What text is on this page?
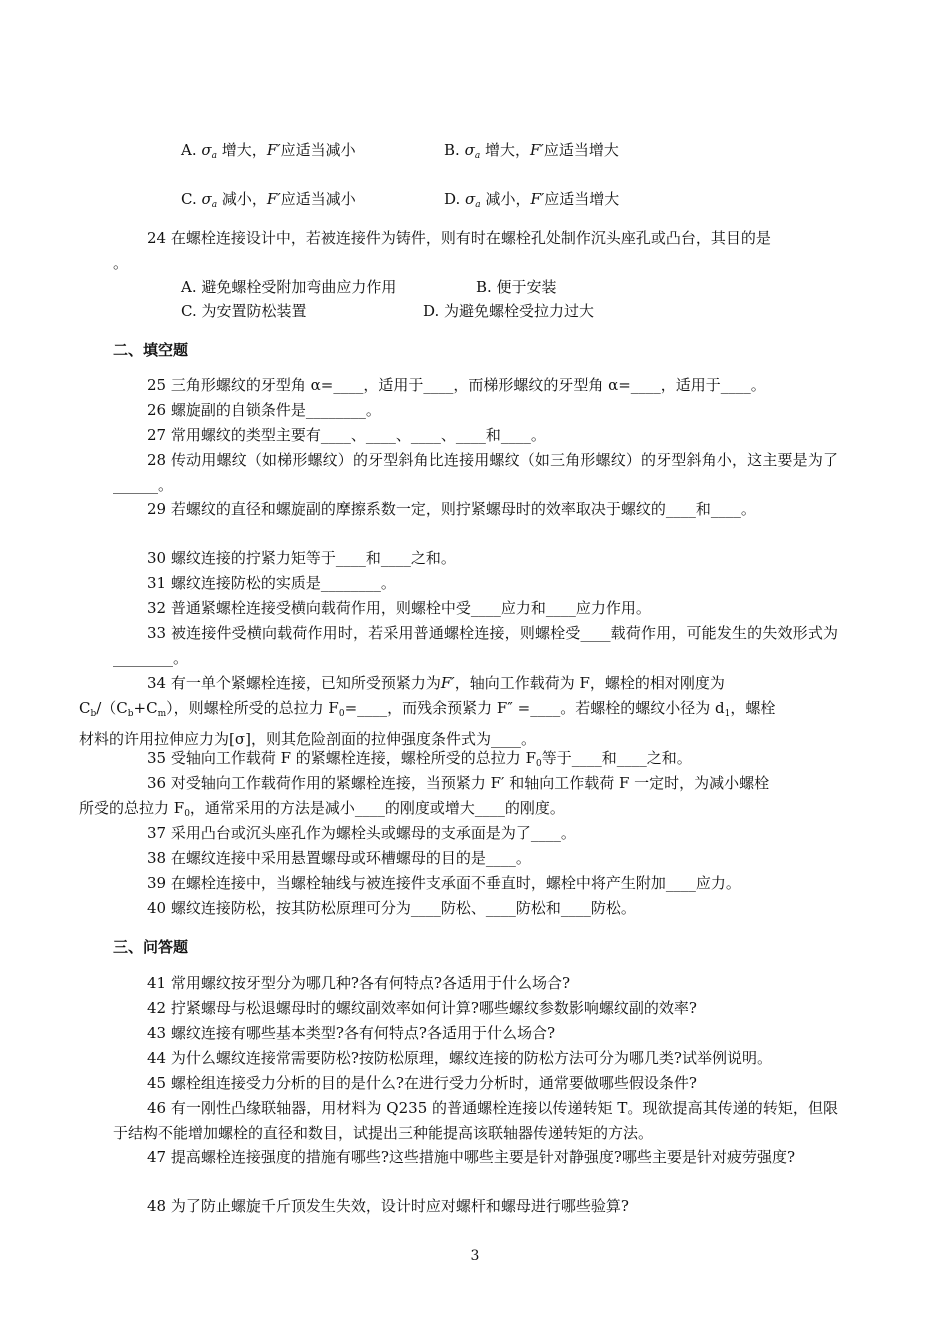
A. $\sigma_a$ 增大，F′应适当减小	B. $\sigma_a$ 增大，F′应适当增大
C. $\sigma_a$ 减小，F′应适当减小	D. $\sigma_a$ 减小，F′应适当增大
24 在螺栓连接设计中，若被连接件为铸件，则有时在螺栓孔处制作沉头座孔或凸台，其目的是
。
A. 避免螺栓受附加弯曲应力作用	B. 便于安装
C. 为安置防松装置	D. 为避免螺栓受拉力过大
二、填空题
25 三角形螺纹的牙型角 α=____，适用于____，而梯形螺纹的牙型角 α=____，适用于____。
26 螺旋副的自锁条件是________。
27 常用螺纹的类型主要有____、____、____、____和____。
28 传动用螺纹（如梯形螺纹）的牙型斜角比连接用螺纹（如三角形螺纹）的牙型斜角小，这主要是为了______。
29 若螺纹的直径和螺旋副的摩擦系数一定，则拧紧螺母时的效率取决于螺纹的____和____。
30 螺纹连接的拧紧力矩等于____和____之和。
31 螺纹连接防松的实质是________。
32 普通紧螺栓连接受横向载荷作用，则螺栓中受____应力和____应力作用。
33 被连接件受横向载荷作用时，若采用普通螺栓连接，则螺栓受____载荷作用，可能发生的失效形式为________。
34 有一单个紧螺栓连接，已知所受预紧力为F′，轴向工作载荷为 F，螺栓的相对刚度为
$C_b/(C_b+C_m)$，则螺栓所受的总拉力 $F_0=\_\_\_\_$，而残余预紧力 F″ =____。若螺栓的螺纹小径为 $d_1$，螺栓
材料的许用拉伸应力为[σ]，则其危险剖面的拉伸强度条件式为____。
35 受轴向工作载荷 F 的紧螺栓连接，螺栓所受的总拉力 $F_0$等于____和____之和。
36 对受轴向工作载荷作用的紧螺栓连接，当预紧力 F′ 和轴向工作载荷 F 一定时，为减小螺栓
所受的总拉力 $F_0$，通常采用的方法是减小____的刚度或增大____的刚度。
37 采用凸台或沉头座孔作为螺栓头或螺母的支承面是为了____。
38 在螺纹连接中采用悬置螺母或环槽螺母的目的是____。
39 在螺栓连接中，当螺栓轴线与被连接件支承面不垂直时，螺栓中将产生附加____应力。
40 螺纹连接防松，按其防松原理可分为____防松、____防松和____防松。
三、问答题
41 常用螺纹按牙型分为哪几种?各有何特点?各适用于什么场合?
42 拧紧螺母与松退螺母时的螺纹副效率如何计算?哪些螺纹参数影响螺纹副的效率?
43 螺纹连接有哪些基本类型?各有何特点?各适用于什么场合?
44 为什么螺纹连接常需要防松?按防松原理，螺纹连接的防松方法可分为哪几类?试举例说明。
45 螺栓组连接受力分析的目的是什么?在进行受力分析时，通常要做哪些假设条件?
46 有一刚性凸缘联轴器，用材料为 Q235 的普通螺栓连接以传递转矩 T。现欲提高其传递的转矩，但限于结构不能增加螺栓的直径和数目，试提出三种能提高该联轴器传递转矩的方法。
47 提高螺栓连接强度的措施有哪些?这些措施中哪些主要是针对静强度?哪些主要是针对疲劳强度?
48 为了防止螺旋千斤顶发生失效，设计时应对螺杆和螺母进行哪些验算?
3
